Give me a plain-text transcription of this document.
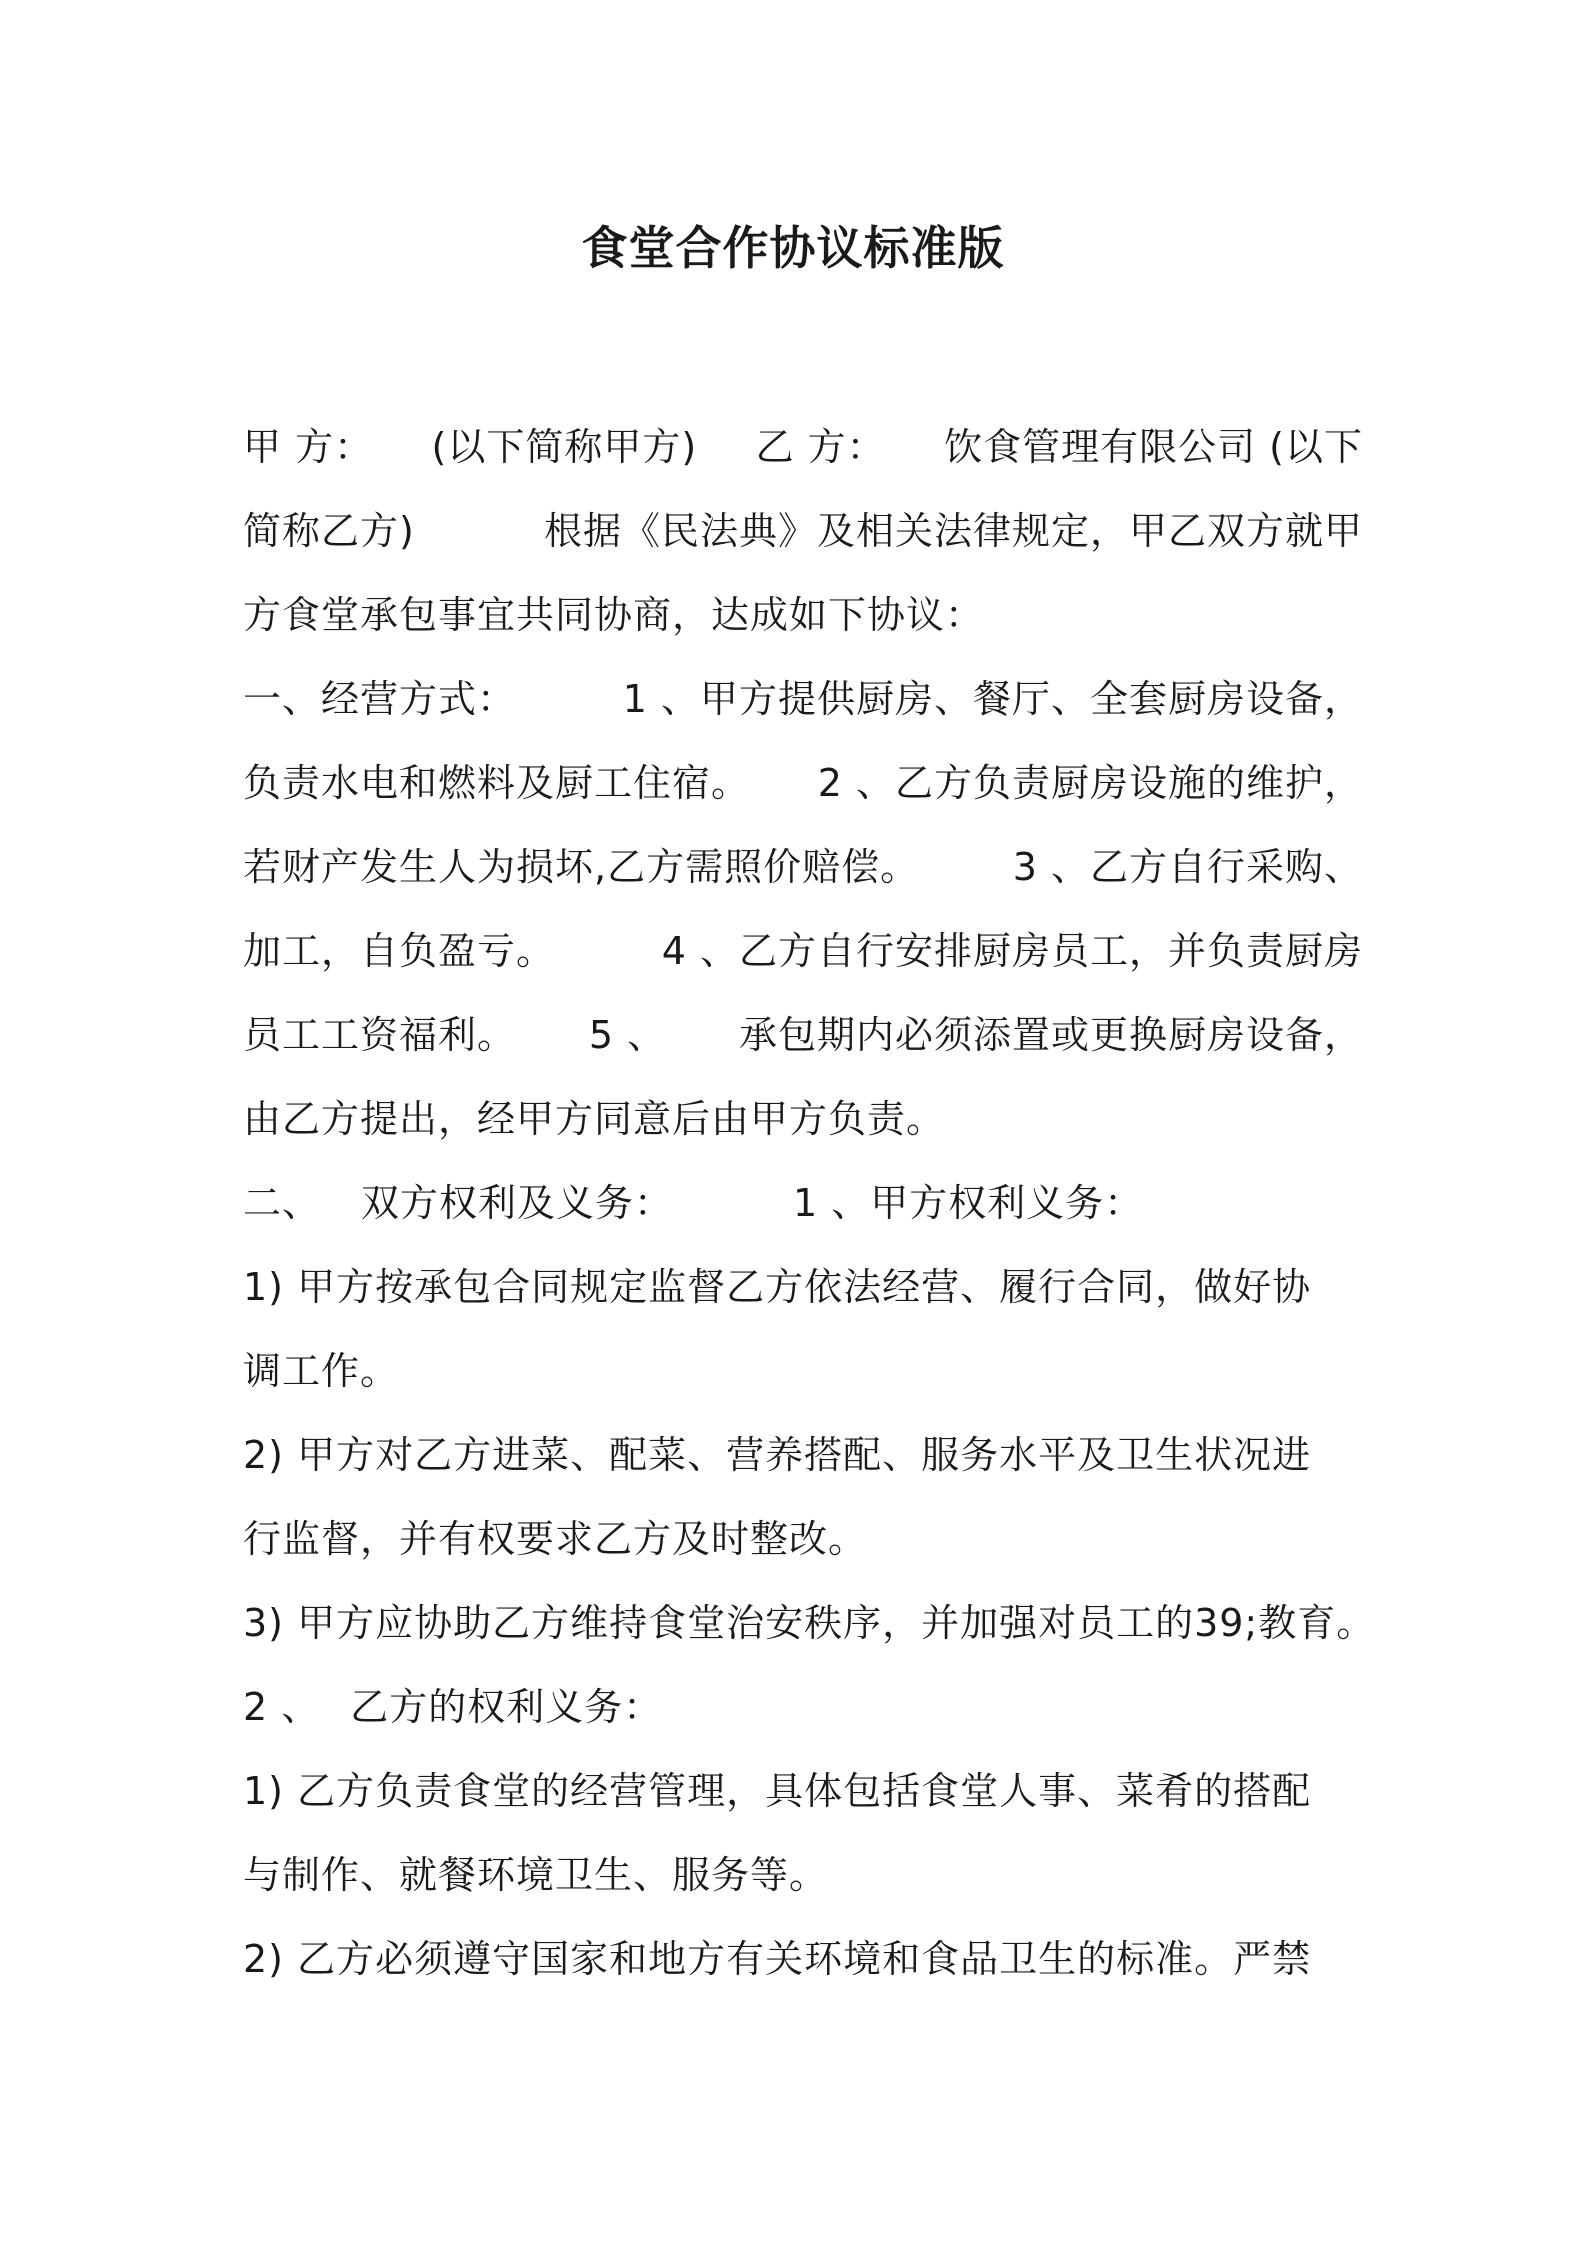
食堂合作协议标准版
甲 方： (以下简称甲方) 乙 方： 饮食管理有限公司 (以下
简称乙方)	根据《民法典》及相关法律规定，甲乙双方就甲
方食堂承包事宜共同协商，达成如下协议：
一、经营方式：	1 、甲方提供厨房、餐厅、全套厨房设备，
负责水电和燃料及厨工住宿。 2 、乙方负责厨房设施的维护，
若财产发生人为损坏,乙方需照价赔偿。 3 、乙方自行采购、
加工，自负盈亏。	4 、乙方自行安排厨房员工，并负责厨房
员工工资福利。 5 、 承包期内必须添置或更换厨房设备，
由乙方提出，经甲方同意后由甲方负责。
二、 双方权利及义务：	1 、甲方权利义务：
1) 甲方按承包合同规定监督乙方依法经营、履行合同，做好协
调工作。
2) 甲方对乙方进菜、配菜、营养搭配、服务水平及卫生状况进
行监督，并有权要求乙方及时整改。
3) 甲方应协助乙方维持食堂治安秩序，并加强对员工的39;教育。
2 、 乙方的权利义务：
1) 乙方负责食堂的经营管理，具体包括食堂人事、菜肴的搭配
与制作、就餐环境卫生、服务等。
2) 乙方必须遵守国家和地方有关环境和食品卫生的标准。严禁
